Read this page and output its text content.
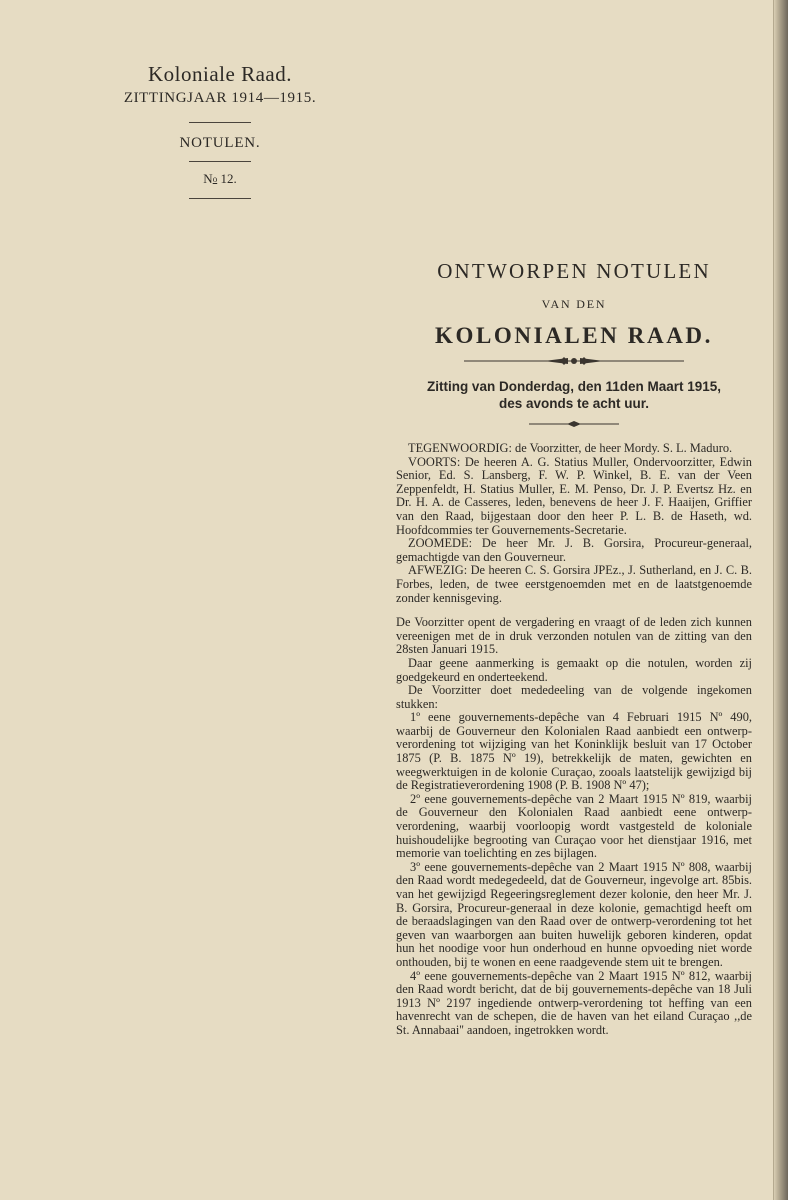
Koloniale Raad.
ZITTINGJAAR 1914—1915.
NOTULEN.
$N^o$ 12.
ONTWORPEN NOTULEN
VAN DEN
KOLONIALEN RAAD.
Zitting van Donderdag, den 11den Maart 1915,
des avonds te acht uur.

TEGENWOORDIG: de Voorzitter, de heer Mordy. S. L. Maduro.

VOORTS: De heeren A. G. Statius Muller, Ondervoorzitter, Edwin Senior, Ed. S. Lansberg, F. W. P. Winkel, B. E. van der Veen Zeppenfeldt, H. Statius Muller, E. M. Penso, Dr. J. P. Evertsz Hz. en Dr. H. A. de Casseres, leden, benevens de heer J. F. Haaijen, Griffier van den Raad, bijgestaan door den heer P. L. B. de Haseth, wd. Hoofdcommies ter Gouvernements-Secretarie.

ZOOMEDE: De heer Mr. J. B. Gorsira, Procureur-generaal, gemachtigde van den Gouverneur.

AFWEZIG: De heeren C. S. Gorsira JPEz., J. Sutherland, en J. C. B. Forbes, leden, de twee eerstgenoemden met en de laatstgenoemde zonder kennisgeving.

De Voorzitter opent de vergadering en vraagt of de leden zich kunnen vereenigen met de in druk verzonden notulen van de zitting van den 28sten Januari 1915.

Daar geene aanmerking is gemaakt op die notulen, worden zij goedgekeurd en onderteekend.

De Voorzitter doet mededeeling van de volgende ingekomen stukken:

1º eene gouvernements-depêche van 4 Februari 1915 Nº 490, waarbij de Gouverneur den Kolonialen Raad aanbiedt een ontwerp-verordening tot wijziging van het Koninklijk besluit van 17 October 1875 (P. B. 1875 Nº 19), betrekkelijk de maten, gewichten en weegwerktuigen in de kolonie Curaçao, zooals laatstelijk gewijzigd bij de Registratieverordening 1908 (P. B. 1908 Nº 47);

2º eene gouvernements-depêche van 2 Maart 1915 Nº 819, waarbij de Gouverneur den Kolonialen Raad aanbiedt eene ontwerp-verordening, waarbij voorloopig wordt vastgesteld de koloniale huishoudelijke begrooting van Curaçao voor het dienstjaar 1916, met memorie van toelichting en zes bijlagen.

3º eene gouvernements-depêche van 2 Maart 1915 Nº 808, waarbij den Raad wordt medegedeeld, dat de Gouverneur, ingevolge art. 85bis. van het gewijzigd Regeeringsreglement dezer kolonie, den heer Mr. J. B. Gorsira, Procureur-generaal in deze kolonie, gemachtigd heeft om de beraadslagingen van den Raad over de ontwerp-verordening tot het geven van waarborgen aan buiten huwelijk geboren kinderen, opdat hun het noodige voor hun onderhoud en hunne opvoeding niet worde onthouden, bij te wonen en eene raadgevende stem uit te brengen.

4º eene gouvernements-depêche van 2 Maart 1915 Nº 812, waarbij den Raad wordt bericht, dat de bij gouvernements-depêche van 18 Juli 1913 Nº 2197 ingediende ontwerp-verordening tot heffing van een havenrecht van de schepen, die de haven van het eiland Curaçao ,,de St. Annabaai'' aandoen, ingetrokken wordt.
